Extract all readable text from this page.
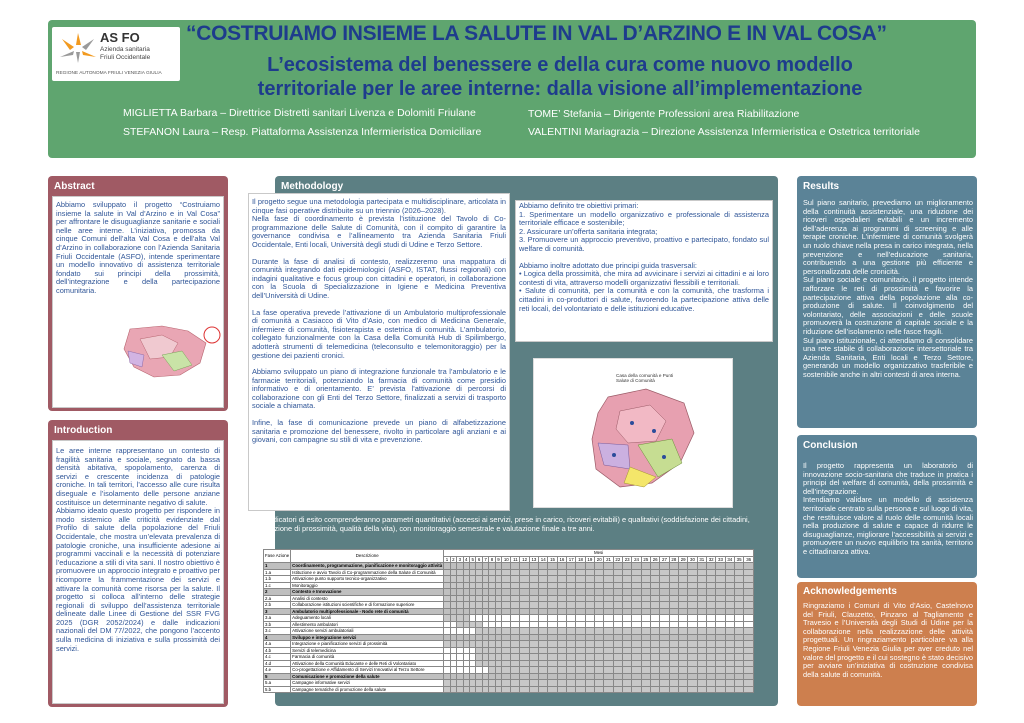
AS FO
Azienda sanitaria
Friuli Occidentale
REGIONE AUTONOMA FRIULI VENEZIA GIULIA
“COSTRUIAMO INSIEME LA SALUTE IN VAL D’ARZINO E IN VAL COSA”
L’ecosistema del benessere e della cura come nuovo modello
territoriale per le aree interne: dalla visione all’implementazione
MIGLIETTA Barbara – Direttrice Distretti sanitari Livenza e Dolomiti Friulane
STEFANON Laura – Resp. Piattaforma Assistenza Infermieristica Domiciliare
TOME’ Stefania – Dirigente Professioni area Riabilitazione
VALENTINI Mariagrazia – Direzione Assistenza Infermieristica e Ostetrica territoriale
Abstract
Abbiamo sviluppato il progetto “Costruiamo insieme la salute in Val d’Arzino e in Val Cosa” per affrontare le disuguaglianze sanitarie e sociali nelle aree interne. L’iniziativa, promossa da cinque Comuni dell’alta Val Cosa e dell’alta Val d’Arzino in collaborazione con l’Azienda Sanitaria Friuli Occidentale (ASFO), intende sperimentare un modello innovativo di assistenza territoriale fondato sui principi della prossimità, dell’integrazione e della partecipazione comunitaria.
Introduction
Le aree interne rappresentano un contesto di fragilità sanitaria e sociale, segnato da bassa densità abitativa, spopolamento, carenza di servizi e crescente incidenza di patologie croniche. In tali territori, l’accesso alle cure risulta diseguale e l’isolamento delle persone anziane costituisce un determinante negativo di salute.
Abbiamo ideato questo progetto per rispondere in modo sistemico alle criticità evidenziate dal Profilo di salute della popolazione del Friuli Occidentale, che mostra un’elevata prevalenza di patologie croniche, una insufficiente adesione ai programmi vaccinali e la necessità di potenziare l’educazione a stili di vita sani. Il nostro obiettivo è promuovere un approccio integrato e proattivo per ricomporre la frammentazione dei servizi e attivare la comunità come risorsa per la salute. Il progetto si colloca all’interno delle strategie regionali di sviluppo dell’assistenza territoriale delineate dalle Linee di Gestione del SSR FVG 2025 (DGR 2052/2024) e dalle indicazioni nazionali del DM 77/2022, che pongono l’accento sulla medicina di iniziativa e sulla prossimità dei servizi.
Methodology
Il progetto segue una metodologia partecipata e multidisciplinare, articolata in cinque fasi operative distribuite su un triennio (2026–2028).
Nella fase di coordinamento è prevista l’istituzione del Tavolo di Co-programmazione delle Salute di Comunità, con il compito di garantire la governance condivisa e l’allineamento tra Azienda Sanitaria Friuli Occidentale, Enti locali, Università degli studi di Udine e Terzo Settore.
Durante la fase di analisi di contesto, realizzeremo una mappatura di comunità integrando dati epidemiologici (ASFO, ISTAT, flussi regionali) con indagini qualitative e focus group con cittadini e operatori, in collaborazione con la Scuola di Specializzazione in Igiene e Medicina Preventiva dell’Università di Udine.
La fase operativa prevede l’attivazione di un Ambulatorio multiprofessionale di comunità a Casiacco di Vito d’Asio, con medico di Medicina Generale, infermiere di comunità, fisioterapista e ostetrica di comunità. L’ambulatorio, collegato funzionalmente con la Casa della Comunità Hub di Spilimbergo, adotterà strumenti di telemedicina (teleconsulto e telemonitoraggio) per la gestione dei pazienti cronici.
Abbiamo sviluppato un piano di integrazione funzionale tra l’ambulatorio e le farmacie territoriali, potenziando la farmacia di comunità come presidio informativo e di orientamento. E’ prevista l’attivazione di percorsi di collaborazione con gli Enti del Terzo Settore, finalizzati a servizi di trasporto sociale a chiamata.
Infine, la fase di comunicazione prevede un piano di alfabetizzazione sanitaria e promozione del benessere, rivolto in particolare agli anziani e ai giovani, con campagne su stili di vita e prevenzione.
Abbiamo definito tre obiettivi primari:
1. Sperimentare un modello organizzativo e professionale di assistenza territoriale efficace e sostenibile;
2. Assicurare un’offerta sanitaria integrata;
3. Promuovere un approccio preventivo, proattivo e partecipato, fondato sul welfare di comunità.
Abbiamo inoltre adottato due principi guida trasversali:
• Logica della prossimità, che mira ad avvicinare i servizi ai cittadini e ai loro contesti di vita, attraverso modelli organizzativi flessibili e territoriali.
• Salute di comunità, per la comunità e con la comunità, che trasforma i cittadini in co-produttori di salute, favorendo la partecipazione attiva delle reti locali, del volontariato e delle istituzioni educative.
Casa della comunità e Punti Salute di Comunità
Gli indicatori di esito comprenderanno parametri quantitativi (accessi ai servizi, prese in carico, ricoveri evitabili) e qualitativi (soddisfazione dei cittadini, percezione di prossimità, qualità della vita), con monitoraggio semestrale e valutazione finale a tre anni.
Fase Azione	Descrizione	Mesi																																			
		1	2	3	4	5	6	7	8	9	10	11	12	13	14	15	16	17	18	19	20	21	22	23	24	25	26	27	28	29	30	31	32	33	34	35	36
1	Coordinamento, programmazione, pianificazione e monitoraggio attività																																				
1.a	Istituzione e avvio Tavolo di Co-programmazione della Salute di Comunità																																				
1.b	Attivazione punto supporto tecnico-organizzativo																																				
1.c	Monitoraggio																																				
2	Contesto e Innovazione																																				
2.a	Analisi di contesto																																				
2.b	Collaborazione istituzioni scientifiche e di formazione superiore																																				
3	Ambulatorio multiprofessionale - Nodo rete di comunità																																				
3.a	Adeguamento locali																																				
3.b	Allestimento ambulatori																																				
3.c	Attivazione servizi ambulatoriali																																				
4	Sviluppo e integrazione servizi																																				
4.a	Integrazione e pianificazione servizi di prossimità																																				
4.b	Servizi di telemedicina																																				
4.c	Farmacia di comunità																																				
4.d	Attivazione della Comunità Educante e delle Reti di Volontariato																																				
4.e	Co-progettazione e Affidamento di Servizi Innovativi al Terzo Settore																																				
5	Comunicazione e promozione della salute																																				
5.a	Campagne informative servizi																																				
5.b	Campagne tematiche di promozione della salute																																				
Results
Sul piano sanitario, prevediamo un miglioramento della continuità assistenziale, una riduzione dei ricoveri ospedalieri evitabili e un incremento dell’aderenza ai programmi di screening e alle terapie croniche. L’infermiere di comunità svolgerà un ruolo chiave nella presa in carico integrata, nella prevenzione e nell’educazione sanitaria, contribuendo a una gestione più efficiente e personalizzata delle cronicità.
Sul piano sociale e comunitario, il progetto intende rafforzare le reti di prossimità e favorire la partecipazione attiva della popolazione alla co-produzione di salute. Il coinvolgimento del volontariato, delle associazioni e delle scuole promuoverà la costruzione di capitale sociale e la riduzione dell’isolamento nelle fasce fragili.
Sul piano istituzionale, ci attendiamo di consolidare una rete stabile di collaborazione intersettoriale tra Azienda Sanitaria, Enti locali e Terzo Settore, generando un modello organizzativo trasferibile e sostenibile anche in altri contesti di area interna.
Conclusion
Il progetto rappresenta un laboratorio di innovazione socio-sanitaria che traduce in pratica i principi del welfare di comunità, della prossimità e dell’integrazione.
Intendiamo validare un modello di assistenza territoriale centrato sulla persona e sul luogo di vita, che restituisce valore al ruolo delle comunità locali nella produzione di salute e capace di ridurre le disuguaglianze, migliorare l’accessibilità ai servizi e promuovere un nuovo equilibrio tra sanità, territorio e cittadinanza attiva.
Acknowledgements
Ringraziamo i Comuni di Vito d’Asio, Castelnovo del Friuli, Clauzetto, Pinzano al Tagliamento e Travesio e l’Università degli Studi di Udine per la collaborazione nella realizzazione delle attività progettuali. Un ringraziamento particolare va alla Regione Friuli Venezia Giulia per aver creduto nel valore del progetto e il cui sostegno è stato decisivo per avviare un’iniziativa di costruzione condivisa della salute di comunità.
